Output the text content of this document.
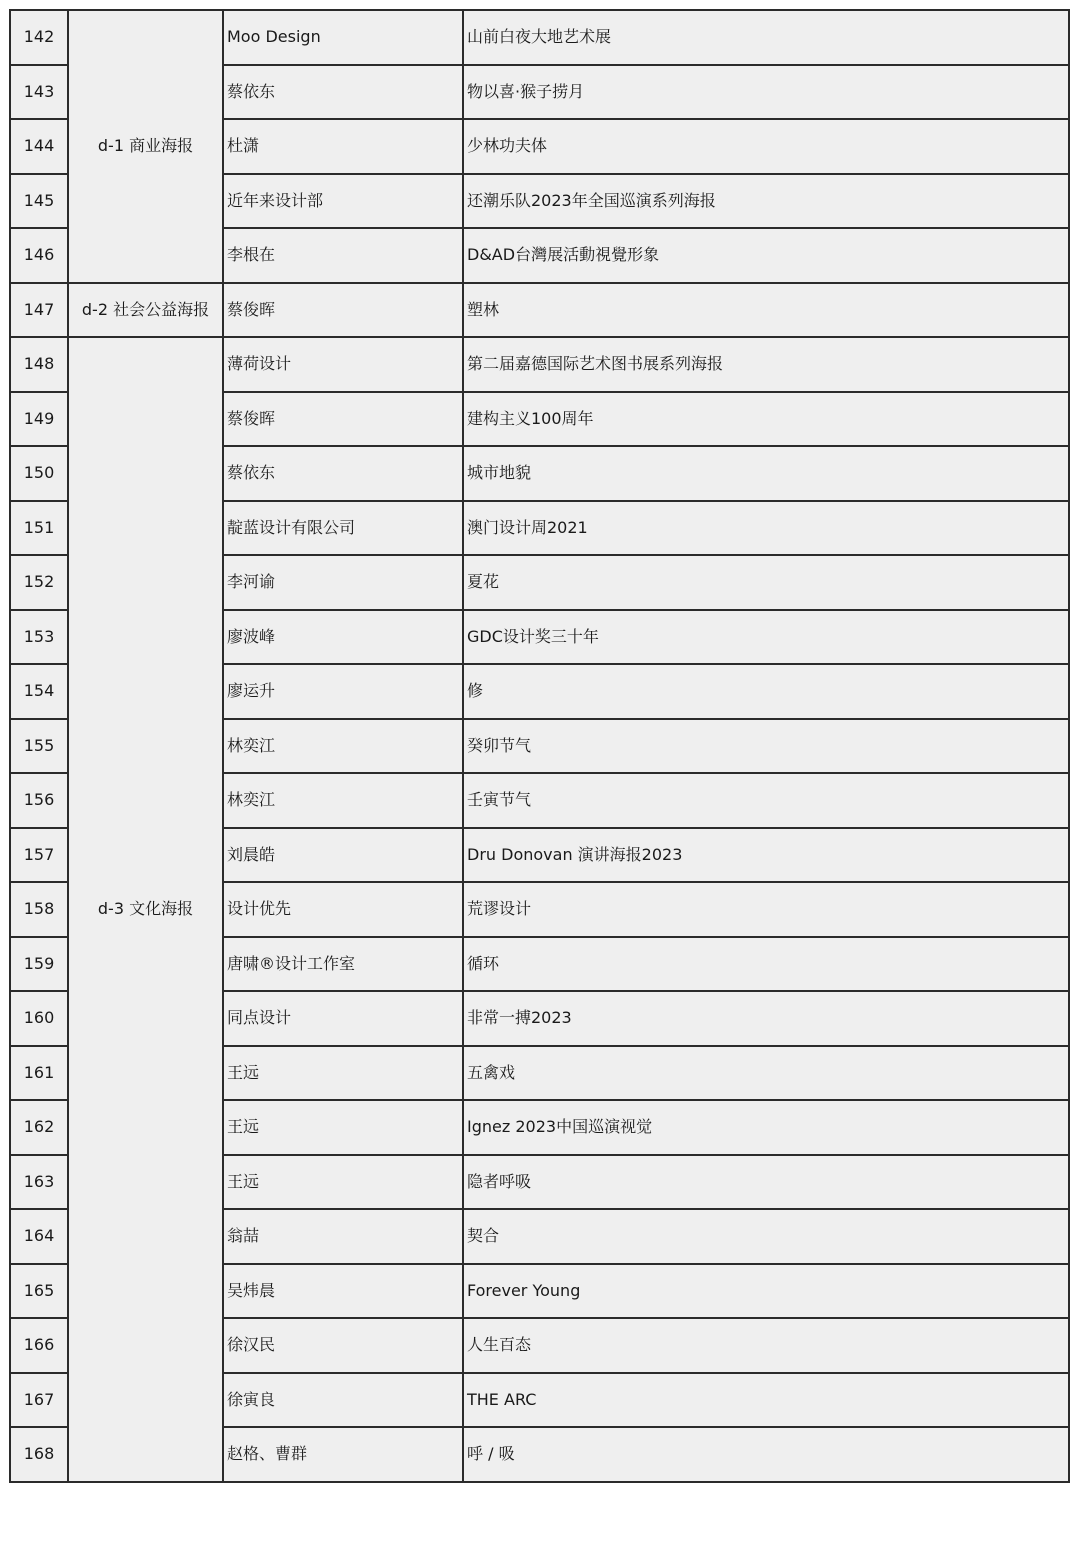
142	d-1 商业海报	Moo Design	山前白夜大地艺术展
143		蔡依东	物以喜·猴子捞月
144		杜潇	少林功夫体
145		近年来设计部	还潮乐队2023年全国巡演系列海报
146		李根在	D&AD台灣展活動視覺形象
147	d-2 社会公益海报	蔡俊晖	塑林
148	d-3 文化海报	薄荷设计	第二届嘉德国际艺术图书展系列海报
149		蔡俊晖	建构主义100周年
150		蔡依东	城市地貌
151		靛蓝设计有限公司	澳门设计周2021
152		李河谕	夏花
153		廖波峰	GDC设计奖三十年
154		廖运升	修
155		林奕江	癸卯节气
156		林奕江	壬寅节气
157		刘晨皓	Dru Donovan 演讲海报2023
158		设计优先	荒谬设计
159		唐啸®设计工作室	循环
160		同点设计	非常一搏2023
161		王远	五禽戏
162		王远	Ignez 2023中国巡演视觉
163		王远	隐者呼吸
164		翁喆	契合
165		吴炜晨	Forever Young
166		徐汉民	人生百态
167		徐寅良	THE ARC
168		赵格、曹群	呼 / 吸
